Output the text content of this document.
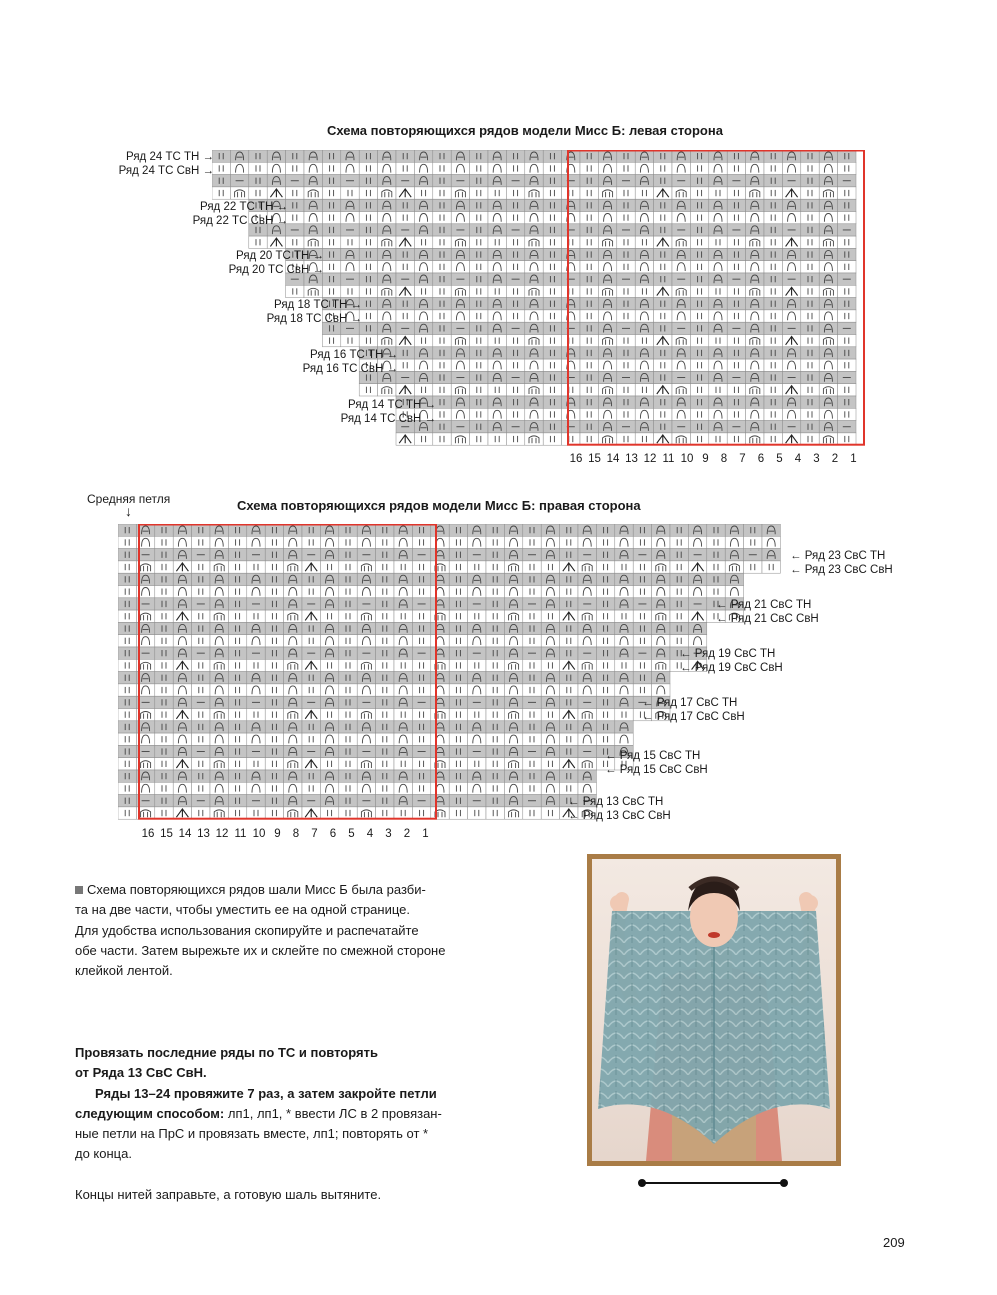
Схема повторяющихся рядов модели Мисс Б: левая сторона
Ряд 24 ТС ТН →
Ряд 24 ТС СвН →
Ряд 22 ТС ТН →
Ряд 22 ТС СвН →
Ряд 20 ТС ТН →
Ряд 20 ТС СвН →
Ряд 18 ТС ТН →
Ряд 18 ТС СвН →
Ряд 16 ТС ТН →
Ряд 16 ТС СвН →
Ряд 14 ТС ТН →
Ряд 14 ТС СвН →
16 15 14 13 12 11 10 9	8	7	6	5	4	3	2	1
Средняя петля
↓	Схема повторяющихся рядов модели Мисс Б: правая сторона
← Ряд 23 СвС ТН
← Ряд 23 СвС СвН
← Ряд 21 СвС ТН
← Ряд 21 СвС СвН
← Ряд 19 СвС ТН
← Ряд 19 СвС СвН
← Ряд 17 СвС ТН
← Ряд 17 СвС СвН
← Ряд 15 СвС ТН
← Ряд 15 СвС СвН
← Ряд 13 СвС ТН
← Ряд 13 СвС СвН
16 15 14 13 12 11 10 9	8	7	6	5	4	3	2	1

Схема повторяющихся рядов шали Мисс Б была разби-

та на две части, чтобы уместить ее на одной странице.

Для удобства использования скопируйте и распечатайте

обе части. Затем вырежьте их и склейте по смежной стороне

клейкой лентой.

Провязать последние ряды по ТС и повторять

от Ряда 13 СвС СвН.

Ряды 13–24 провяжите 7 раз, а затем закройте петли

следующим способом: лп1, лп1, * ввести ЛС в 2 провязан-

ные петли на ПрС и провязать вместе, лп1; повторять от *

до конца.

Концы нитей заправьте, а готовую шаль вытяните.

209
